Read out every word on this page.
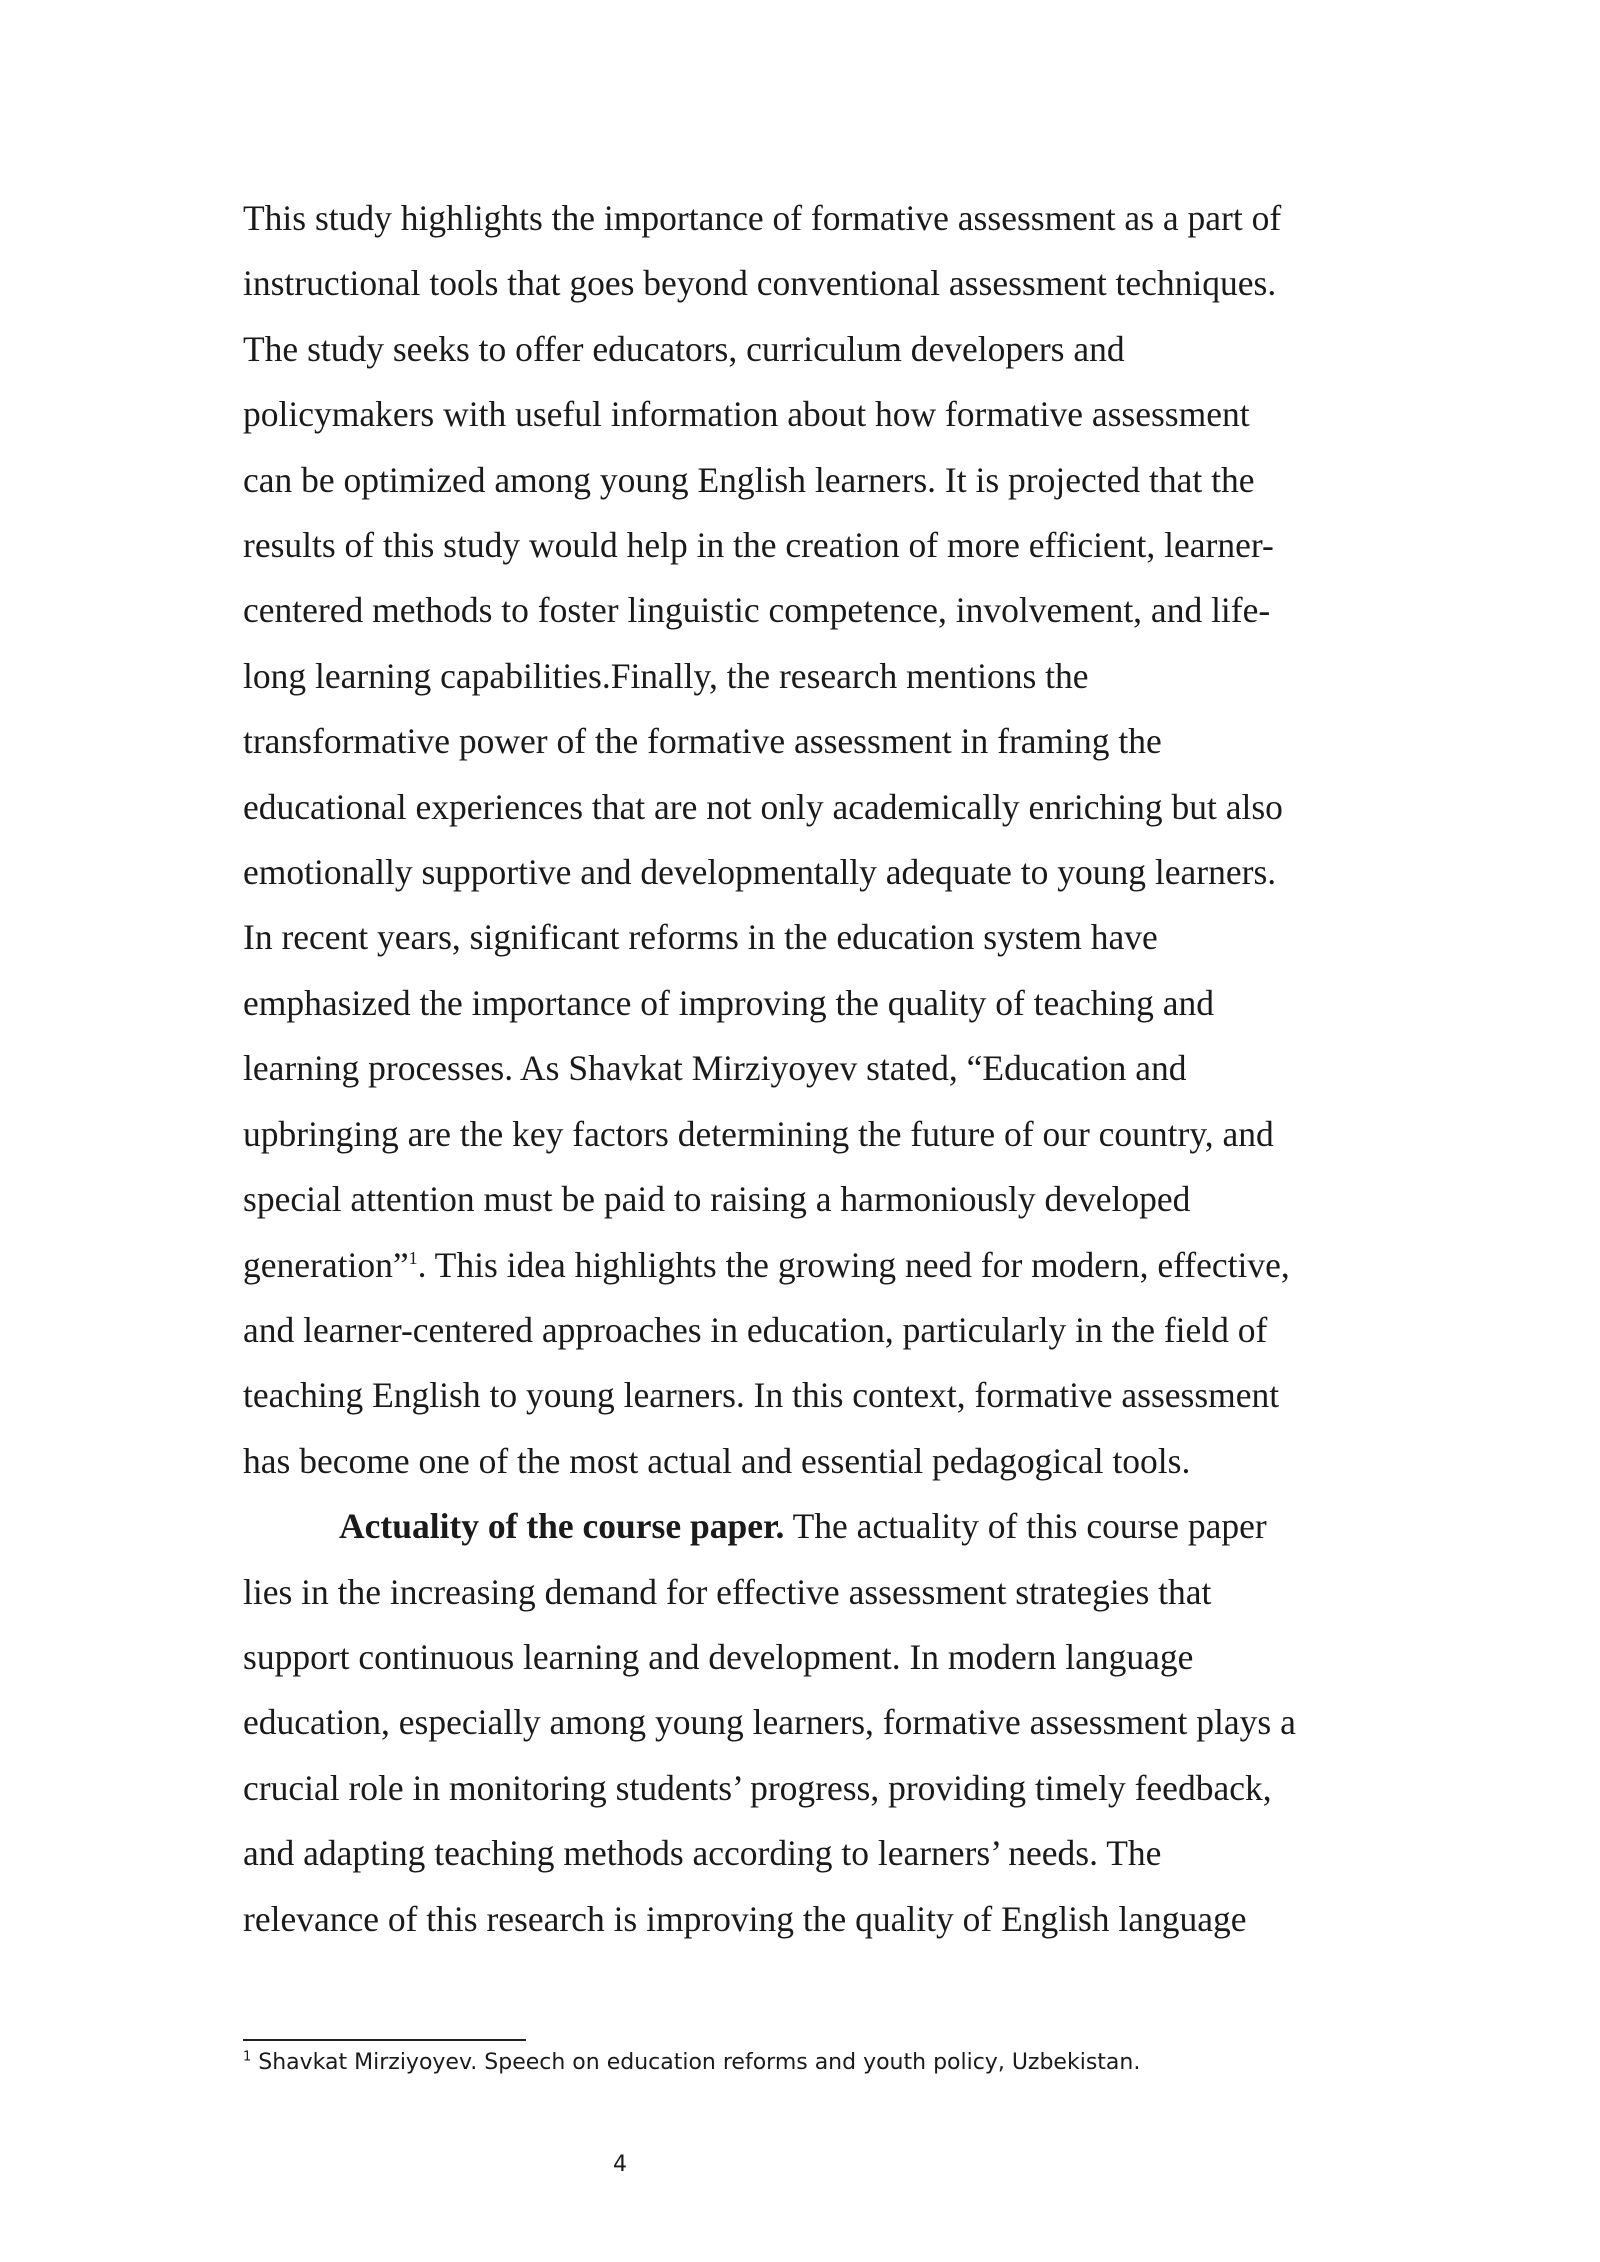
This study highlights the importance of formative assessment as a part of
instructional tools that goes beyond conventional assessment techniques.
The study seeks to offer educators, curriculum developers and
policymakers with useful information about how formative assessment
can be optimized among young English learners. It is projected that the
results of this study would help in the creation of more efficient, learner-
centered methods to foster linguistic competence, involvement, and life-
long learning capabilities.Finally, the research mentions the
transformative power of the formative assessment in framing the
educational experiences that are not only academically enriching but also
emotionally supportive and developmentally adequate to young learners.
In recent years, significant reforms in the education system have
emphasized the importance of improving the quality of teaching and
learning processes. As Shavkat Mirziyoyev stated, “Education and
upbringing are the key factors determining the future of our country, and
special attention must be paid to raising a harmoniously developed
generation”$^1$. This idea highlights the growing need for modern, effective,
and learner-centered approaches in education, particularly in the field of
teaching English to young learners. In this context, formative assessment
has become one of the most actual and essential pedagogical tools.
Actuality of the course paper. The actuality of this course paper
lies in the increasing demand for effective assessment strategies that
support continuous learning and development. In modern language
education, especially among young learners, formative assessment plays a
crucial role in monitoring students’ progress, providing timely feedback,
and adapting teaching methods according to learners’ needs. The
relevance of this research is improving the quality of English language
$^1$ Shavkat Mirziyoyev. Speech on education reforms and youth policy, Uzbekistan.
4
